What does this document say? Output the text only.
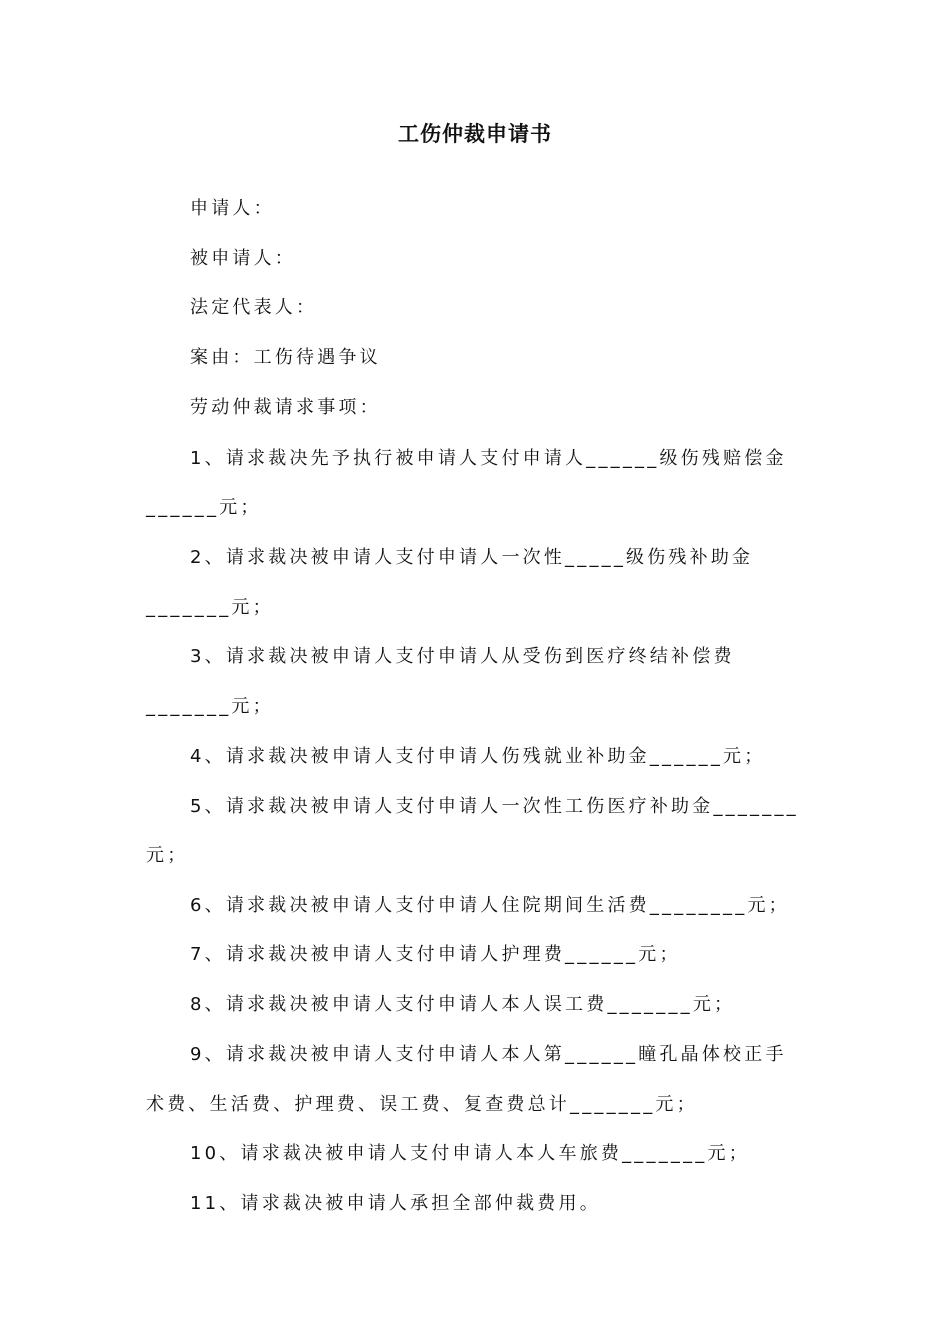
工伤仲裁申请书
申请人：
被申请人：
法定代表人：
案由：工伤待遇争议
劳动仲裁请求事项：
1、请求裁决先予执行被申请人支付申请人______级伤残赔偿金
______元；
2、请求裁决被申请人支付申请人一次性_____级伤残补助金
_______元；
3、请求裁决被申请人支付申请人从受伤到医疗终结补偿费
_______元；
4、请求裁决被申请人支付申请人伤残就业补助金______元；
5、请求裁决被申请人支付申请人一次性工伤医疗补助金_______
元；
6、请求裁决被申请人支付申请人住院期间生活费________元；
7、请求裁决被申请人支付申请人护理费______元；
8、请求裁决被申请人支付申请人本人误工费_______元；
9、请求裁决被申请人支付申请人本人第______瞳孔晶体校正手
术费、生活费、护理费、误工费、复查费总计_______元；
10、请求裁决被申请人支付申请人本人车旅费_______元；
11、请求裁决被申请人承担全部仲裁费用。
